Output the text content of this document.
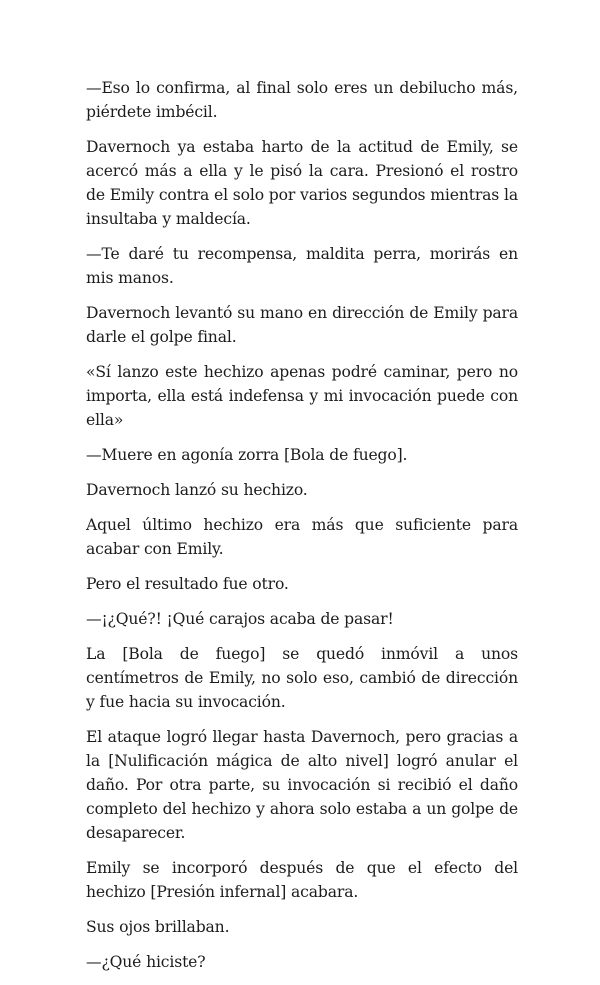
—Eso lo confirma, al final solo eres un debilucho más, piérdete imbécil.

Davernoch ya estaba harto de la actitud de Emily, se acercó más a ella y le pisó la cara. Presionó el rostro de Emily contra el solo por varios segundos mientras la insultaba y maldecía.

—Te daré tu recompensa, maldita perra, morirás en mis manos.

Davernoch levantó su mano en dirección de Emily para darle el golpe final.

«Sí lanzo este hechizo apenas podré caminar, pero no importa, ella está indefensa y mi invocación puede con ella»

—Muere en agonía zorra [Bola de fuego].

Davernoch lanzó su hechizo.

Aquel último hechizo era más que suficiente para acabar con Emily.

Pero el resultado fue otro.

—¡¿Qué?! ¡Qué carajos acaba de pasar!

La [Bola de fuego] se quedó inmóvil a unos centímetros de Emily, no solo eso, cambió de dirección y fue hacia su invocación.

El ataque logró llegar hasta Davernoch, pero gracias a la [Nulificación mágica de alto nivel] logró anular el daño. Por otra parte, su invocación si recibió el daño completo del hechizo y ahora solo estaba a un golpe de desaparecer.

Emily se incorporó después de que el efecto del hechizo [Presión infernal] acabara.

Sus ojos brillaban.

—¿Qué hiciste?
